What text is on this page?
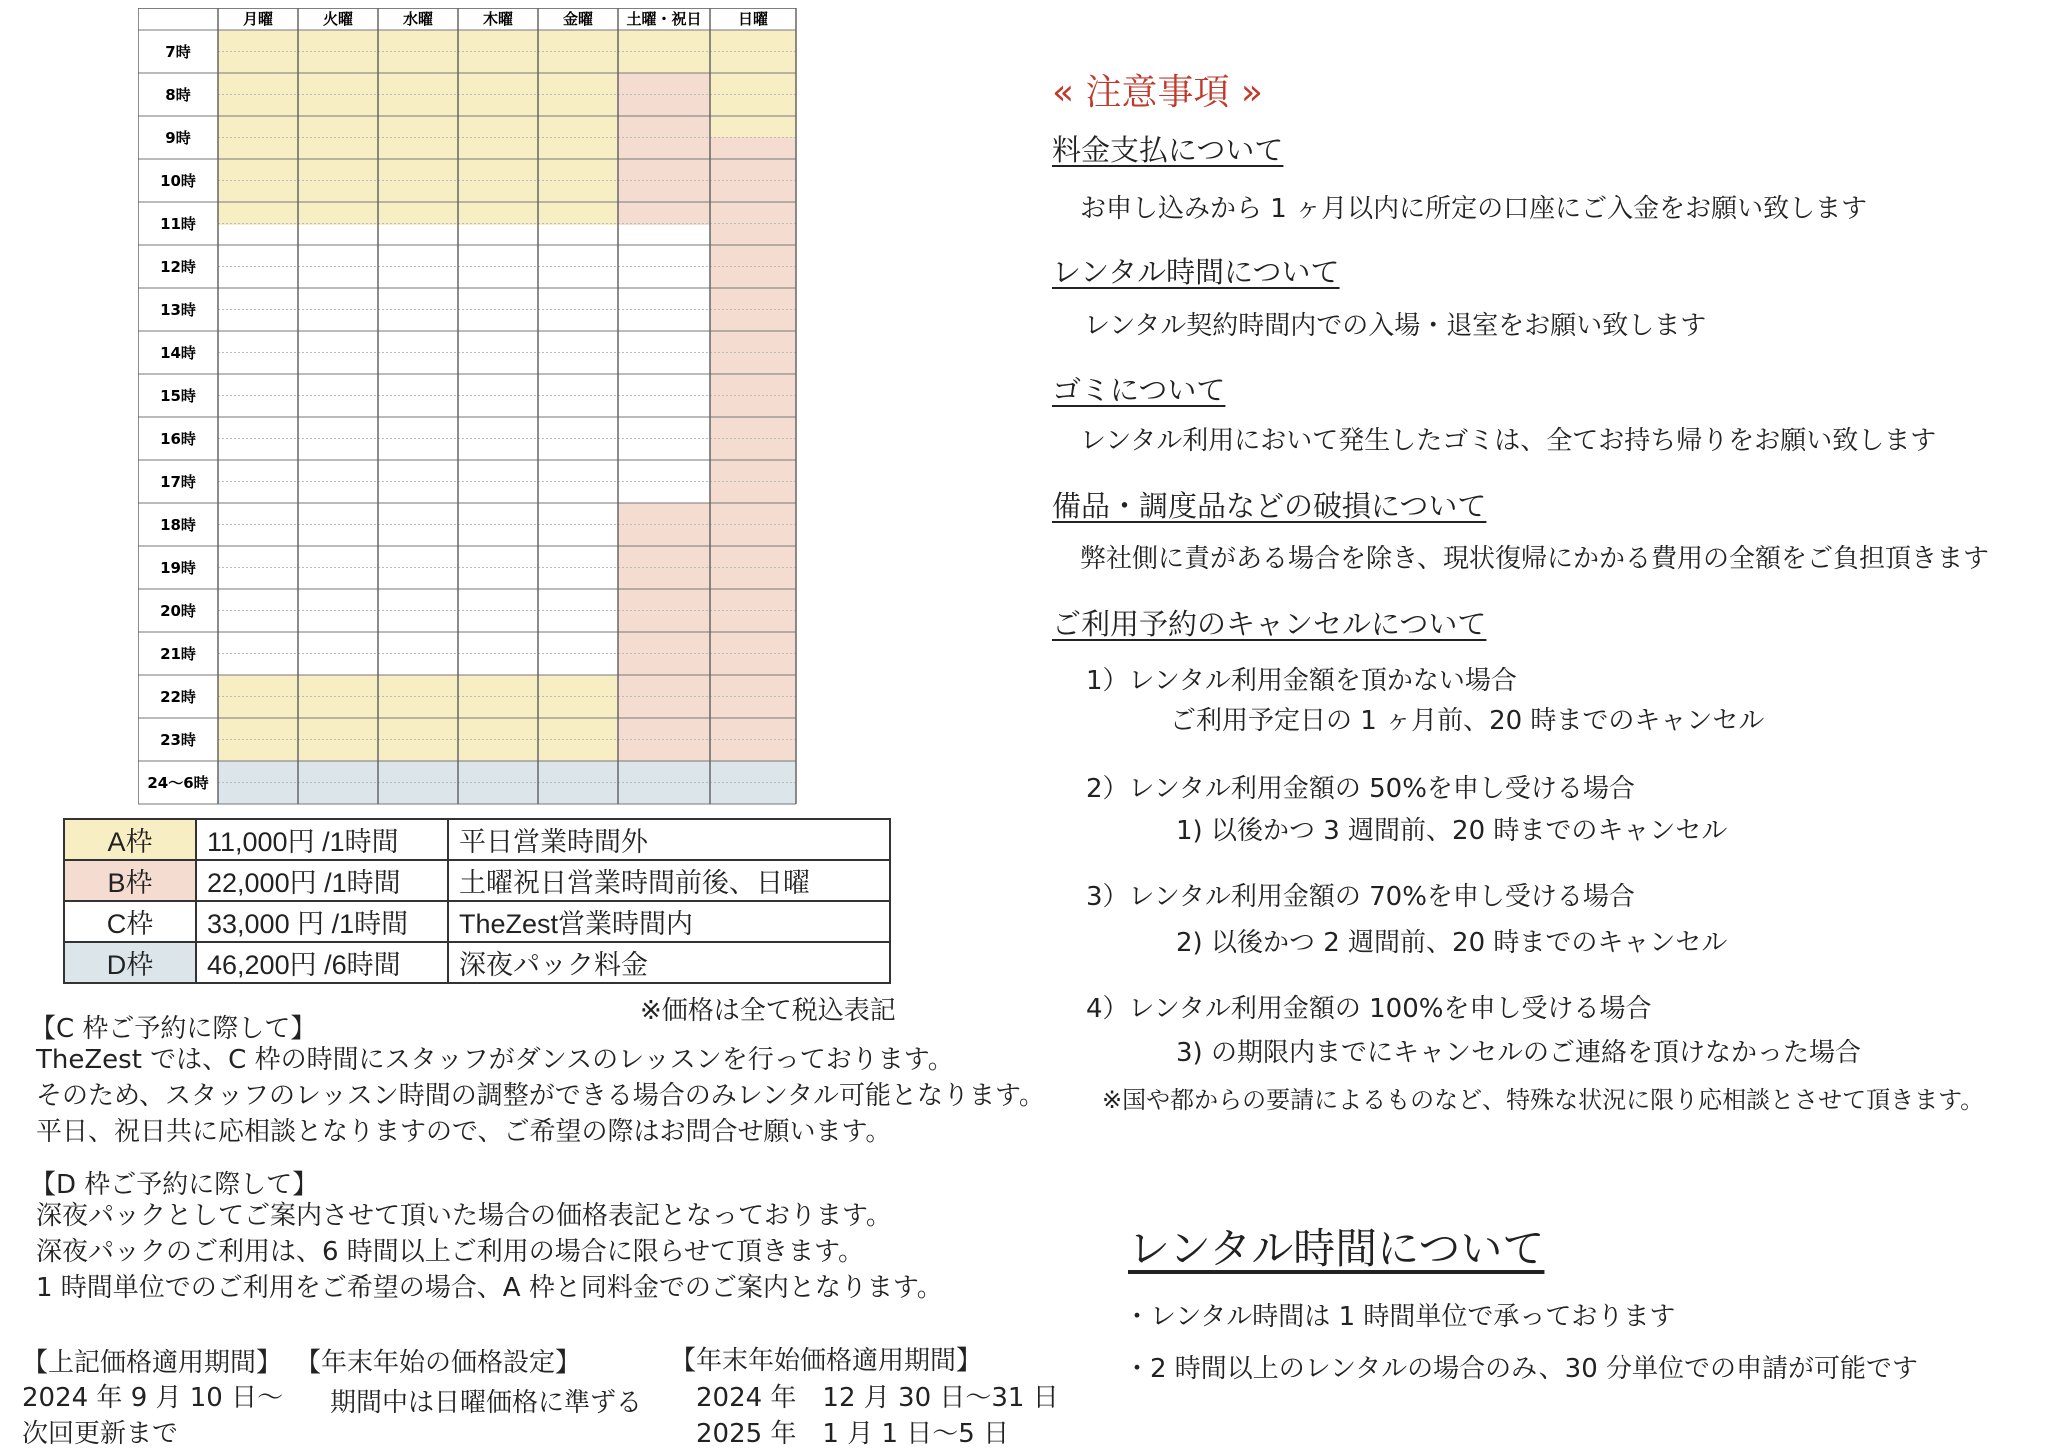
月曜	火曜	水曜	木曜	金曜 土曜・祝日 日曜
7時
8時
9時
10時
11時
12時
13時
14時
15時
16時
17時
18時
19時
20時
21時
22時
23時
24〜6時
A枠	11,000円 /1時間	平日営業時間外
B枠	22,000円 /1時間	土曜祝日営業時間前後、日曜
C枠	33,000 円 /1時間	TheZest営業時間内
D枠	46,200円 /6時間	深夜パック料金
※価格は全て税込表記
【C 枠ご予約に際して】
TheZest では、C 枠の時間にスタッフがダンスのレッスンを行っております。
そのため、スタッフのレッスン時間の調整ができる場合のみレンタル可能となります。
平日、祝日共に応相談となりますので、ご希望の際はお問合せ願います。
【D 枠ご予約に際して】
深夜パックとしてご案内させて頂いた場合の価格表記となっております。
深夜パックのご利用は、6 時間以上ご利用の場合に限らせて頂きます。
1 時間単位でのご利用をご希望の場合、A 枠と同料金でのご案内となります。
【上記価格適用期間】
2024 年 9 月 10 日〜
次回更新まで
【年末年始の価格設定】
期間中は日曜価格に準ずる
【年末年始価格適用期間】
2024 年　12 月 30 日〜31 日
2025 年　1 月 1 日〜5 日
« 注意事項 »
料金支払について
お申し込みから 1 ヶ月以内に所定の口座にご入金をお願い致します
レンタル時間について
レンタル契約時間内での入場・退室をお願い致します
ゴミについて
レンタル利用において発生したゴミは、全てお持ち帰りをお願い致します
備品・調度品などの破損について
弊社側に責がある場合を除き、現状復帰にかかる費用の全額をご負担頂きます
ご利用予約のキャンセルについて
1）レンタル利用金額を頂かない場合
ご利用予定日の 1 ヶ月前、20 時までのキャンセル
2）レンタル利用金額の 50%を申し受ける場合
1) 以後かつ 3 週間前、20 時までのキャンセル
3）レンタル利用金額の 70%を申し受ける場合
2) 以後かつ 2 週間前、20 時までのキャンセル
4）レンタル利用金額の 100%を申し受ける場合
3) の期限内までにキャンセルのご連絡を頂けなかった場合
※国や都からの要請によるものなど、特殊な状況に限り応相談とさせて頂きます。
レンタル時間について
・レンタル時間は 1 時間単位で承っております
・2 時間以上のレンタルの場合のみ、30 分単位での申請が可能です
